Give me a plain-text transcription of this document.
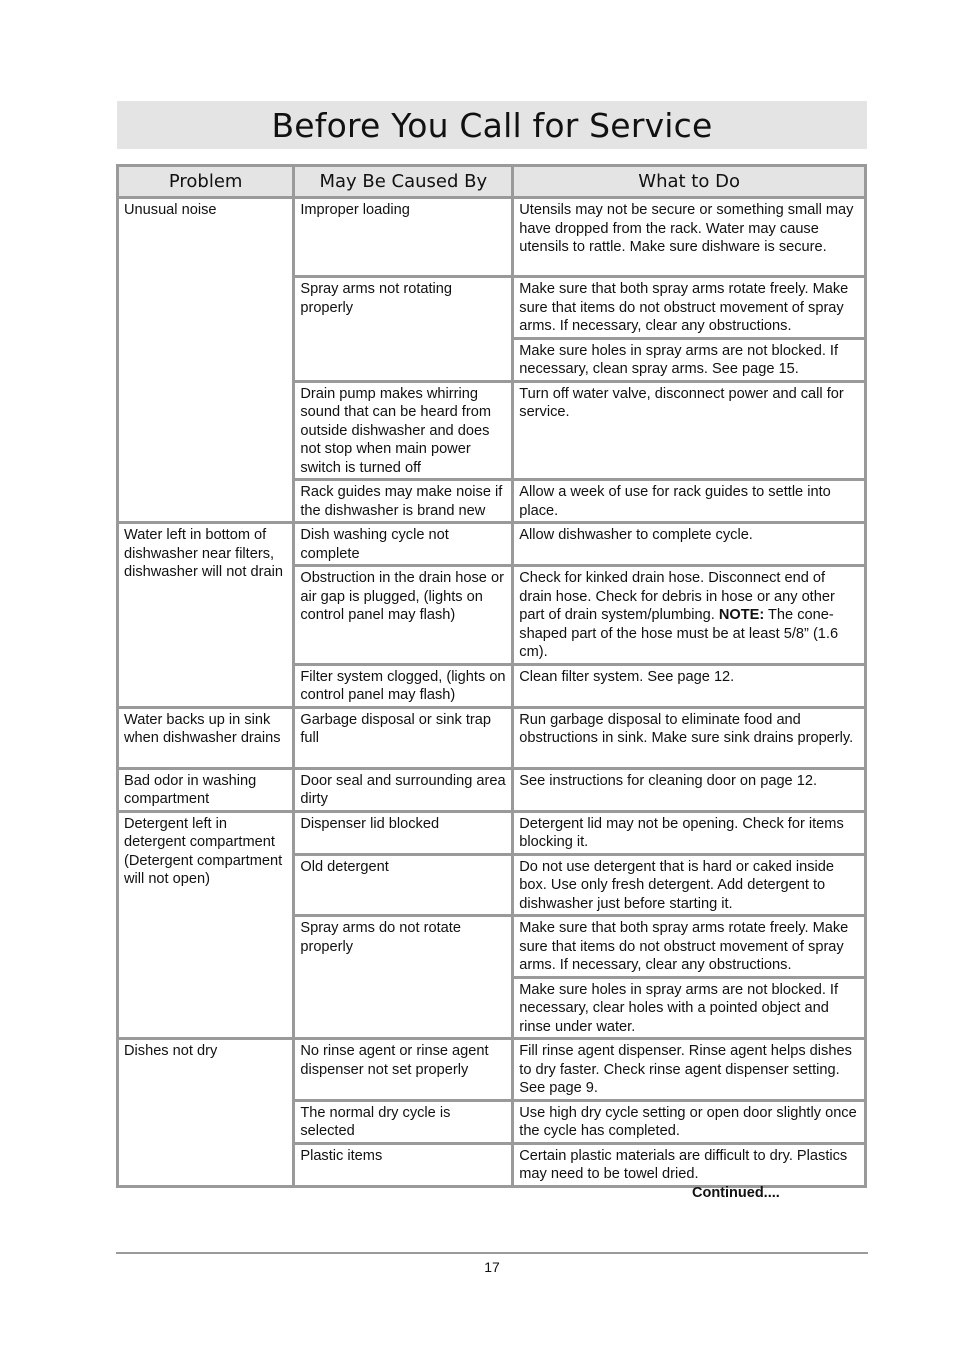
Before You Call for Service
Problem	May Be Caused By	What to Do
Unusual noise	Improper loading	Utensils may not be secure or something small may have dropped from the rack. Water may cause utensils to rattle. Make sure dishware is secure.
	Spray arms not rotating properly	Make sure that both spray arms rotate freely. Make sure that items do not obstruct movement of spray arms. If necessary, clear any obstructions.
		Make sure holes in spray arms are not blocked. If necessary, clean spray arms. See page 15.
	Drain pump makes whirring sound that can be heard from outside dishwasher and does not stop when main power switch is turned off	Turn off water valve, disconnect power and call for service.
	Rack guides may make noise if the dishwasher is brand new	Allow a week of use for rack guides to settle into place.
Water left in bottom of dishwasher near filters, dishwasher will not drain	Dish washing cycle not complete	Allow dishwasher to complete cycle.
	Obstruction in the drain hose or air gap is plugged, (lights on control panel may flash)	Check for kinked drain hose. Disconnect end of drain hose. Check for debris in hose or any other part of drain system/plumbing. NOTE: The cone-shaped part of the hose must be at least 5/8” (1.6 cm).
	Filter system clogged, (lights on control panel may flash)	Clean filter system. See page 12.
Water backs up in sink when dishwasher drains	Garbage disposal or sink trap full	Run garbage disposal to eliminate food and obstructions in sink. Make sure sink drains properly.
Bad odor in washing compartment	Door seal and surrounding area dirty	See instructions for cleaning door on page 12.
Detergent left in detergent compartment (Detergent compartment will not open)	Dispenser lid blocked	Detergent lid may not be opening. Check for items blocking it.
	Old detergent	Do not use detergent that is hard or caked inside box. Use only fresh detergent. Add detergent to dishwasher just before starting it.
	Spray arms do not rotate properly	Make sure that both spray arms rotate freely. Make sure that items do not obstruct movement of spray arms. If necessary, clear any obstructions.
		Make sure holes in spray arms are not blocked. If necessary, clear holes with a pointed object and rinse under water.
Dishes not dry	No rinse agent or rinse agent dispenser not set properly	Fill rinse agent dispenser. Rinse agent helps dishes to dry faster. Check rinse agent dispenser setting. See page 9.
	The normal dry cycle is selected	Use high dry cycle setting or open door slightly once the cycle has completed.
	Plastic items	Certain plastic materials are difficult to dry. Plastics may need to be towel dried.
Continued....
17
